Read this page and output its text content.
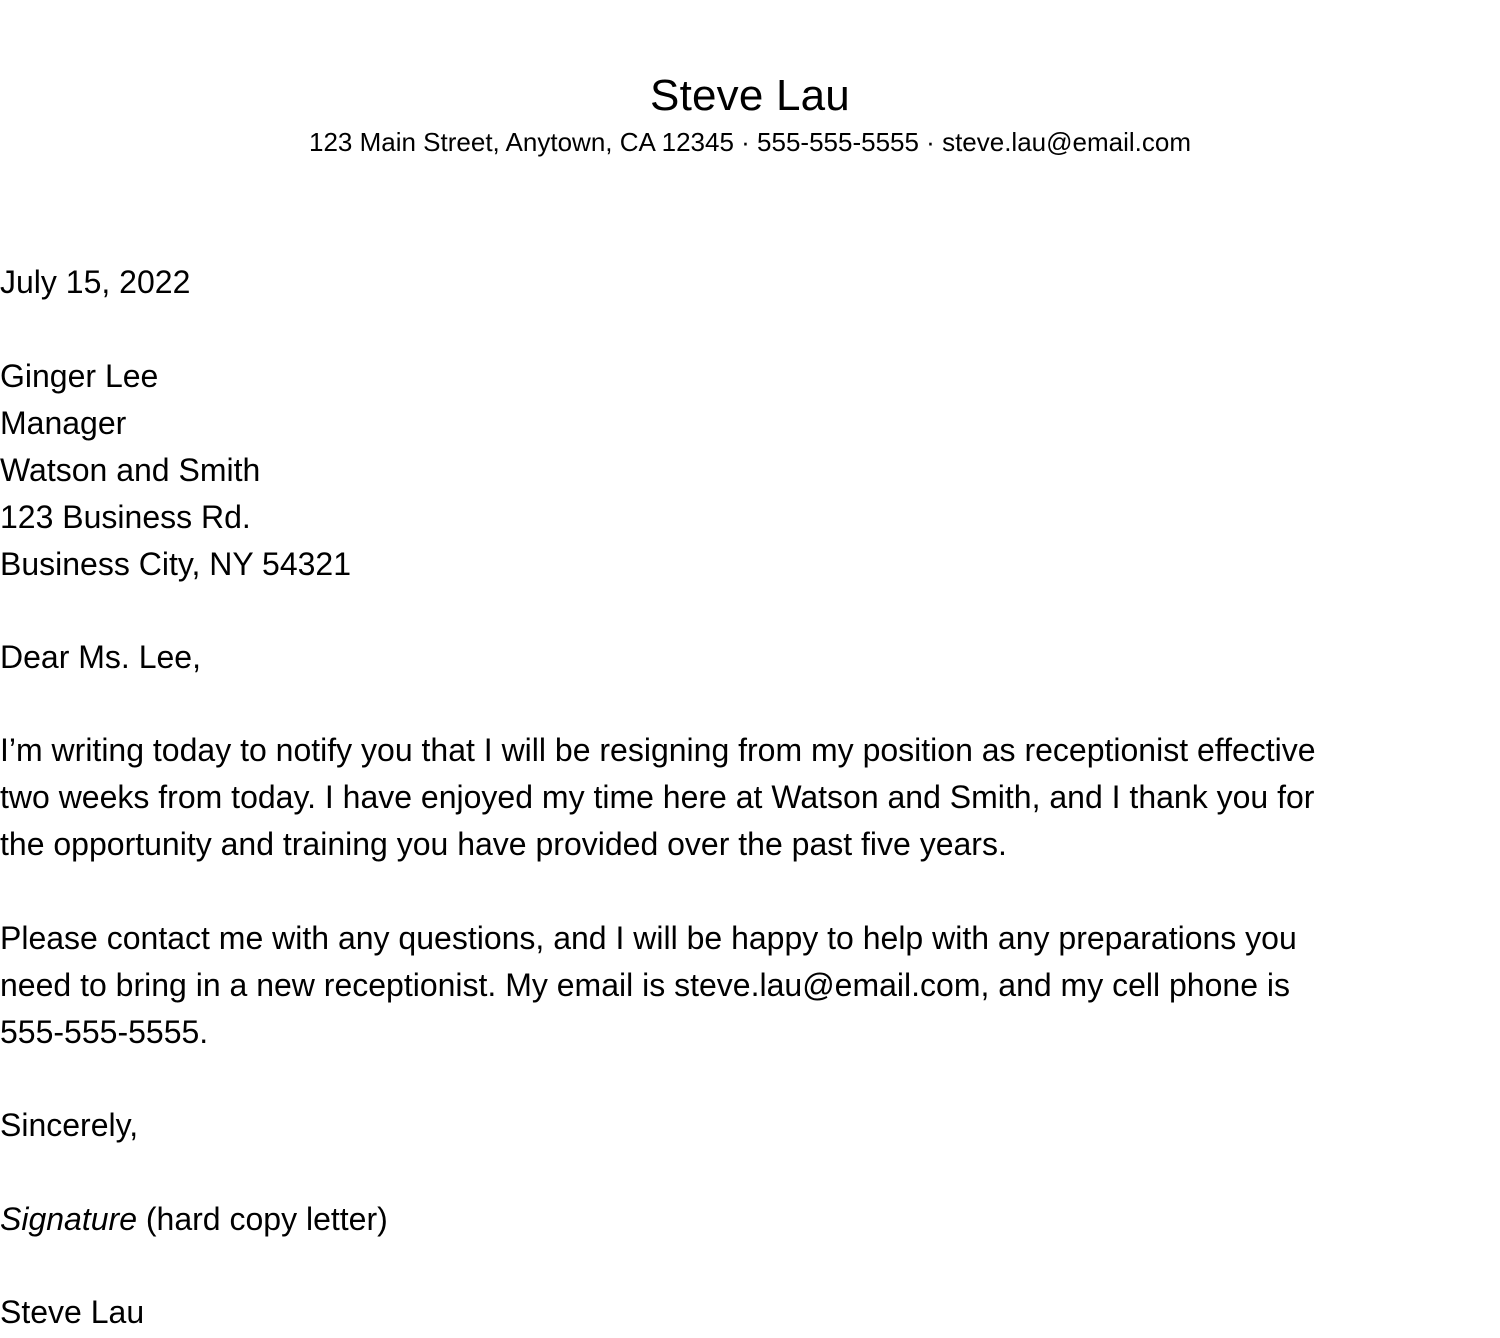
Steve Lau
123 Main Street, Anytown, CA 12345 · 555-555-5555 · steve.lau@email.com
July 15, 2022
Ginger Lee
Manager
Watson and Smith
123 Business Rd.
Business City, NY 54321
Dear Ms. Lee,
I’m writing today to notify you that I will be resigning from my position as receptionist effective
two weeks from today. I have enjoyed my time here at Watson and Smith, and I thank you for
the opportunity and training you have provided over the past five years.
Please contact me with any questions, and I will be happy to help with any preparations you
need to bring in a new receptionist. My email is steve.lau@email.com, and my cell phone is
555-555-5555.
Sincerely,
Signature (hard copy letter)
Steve Lau
